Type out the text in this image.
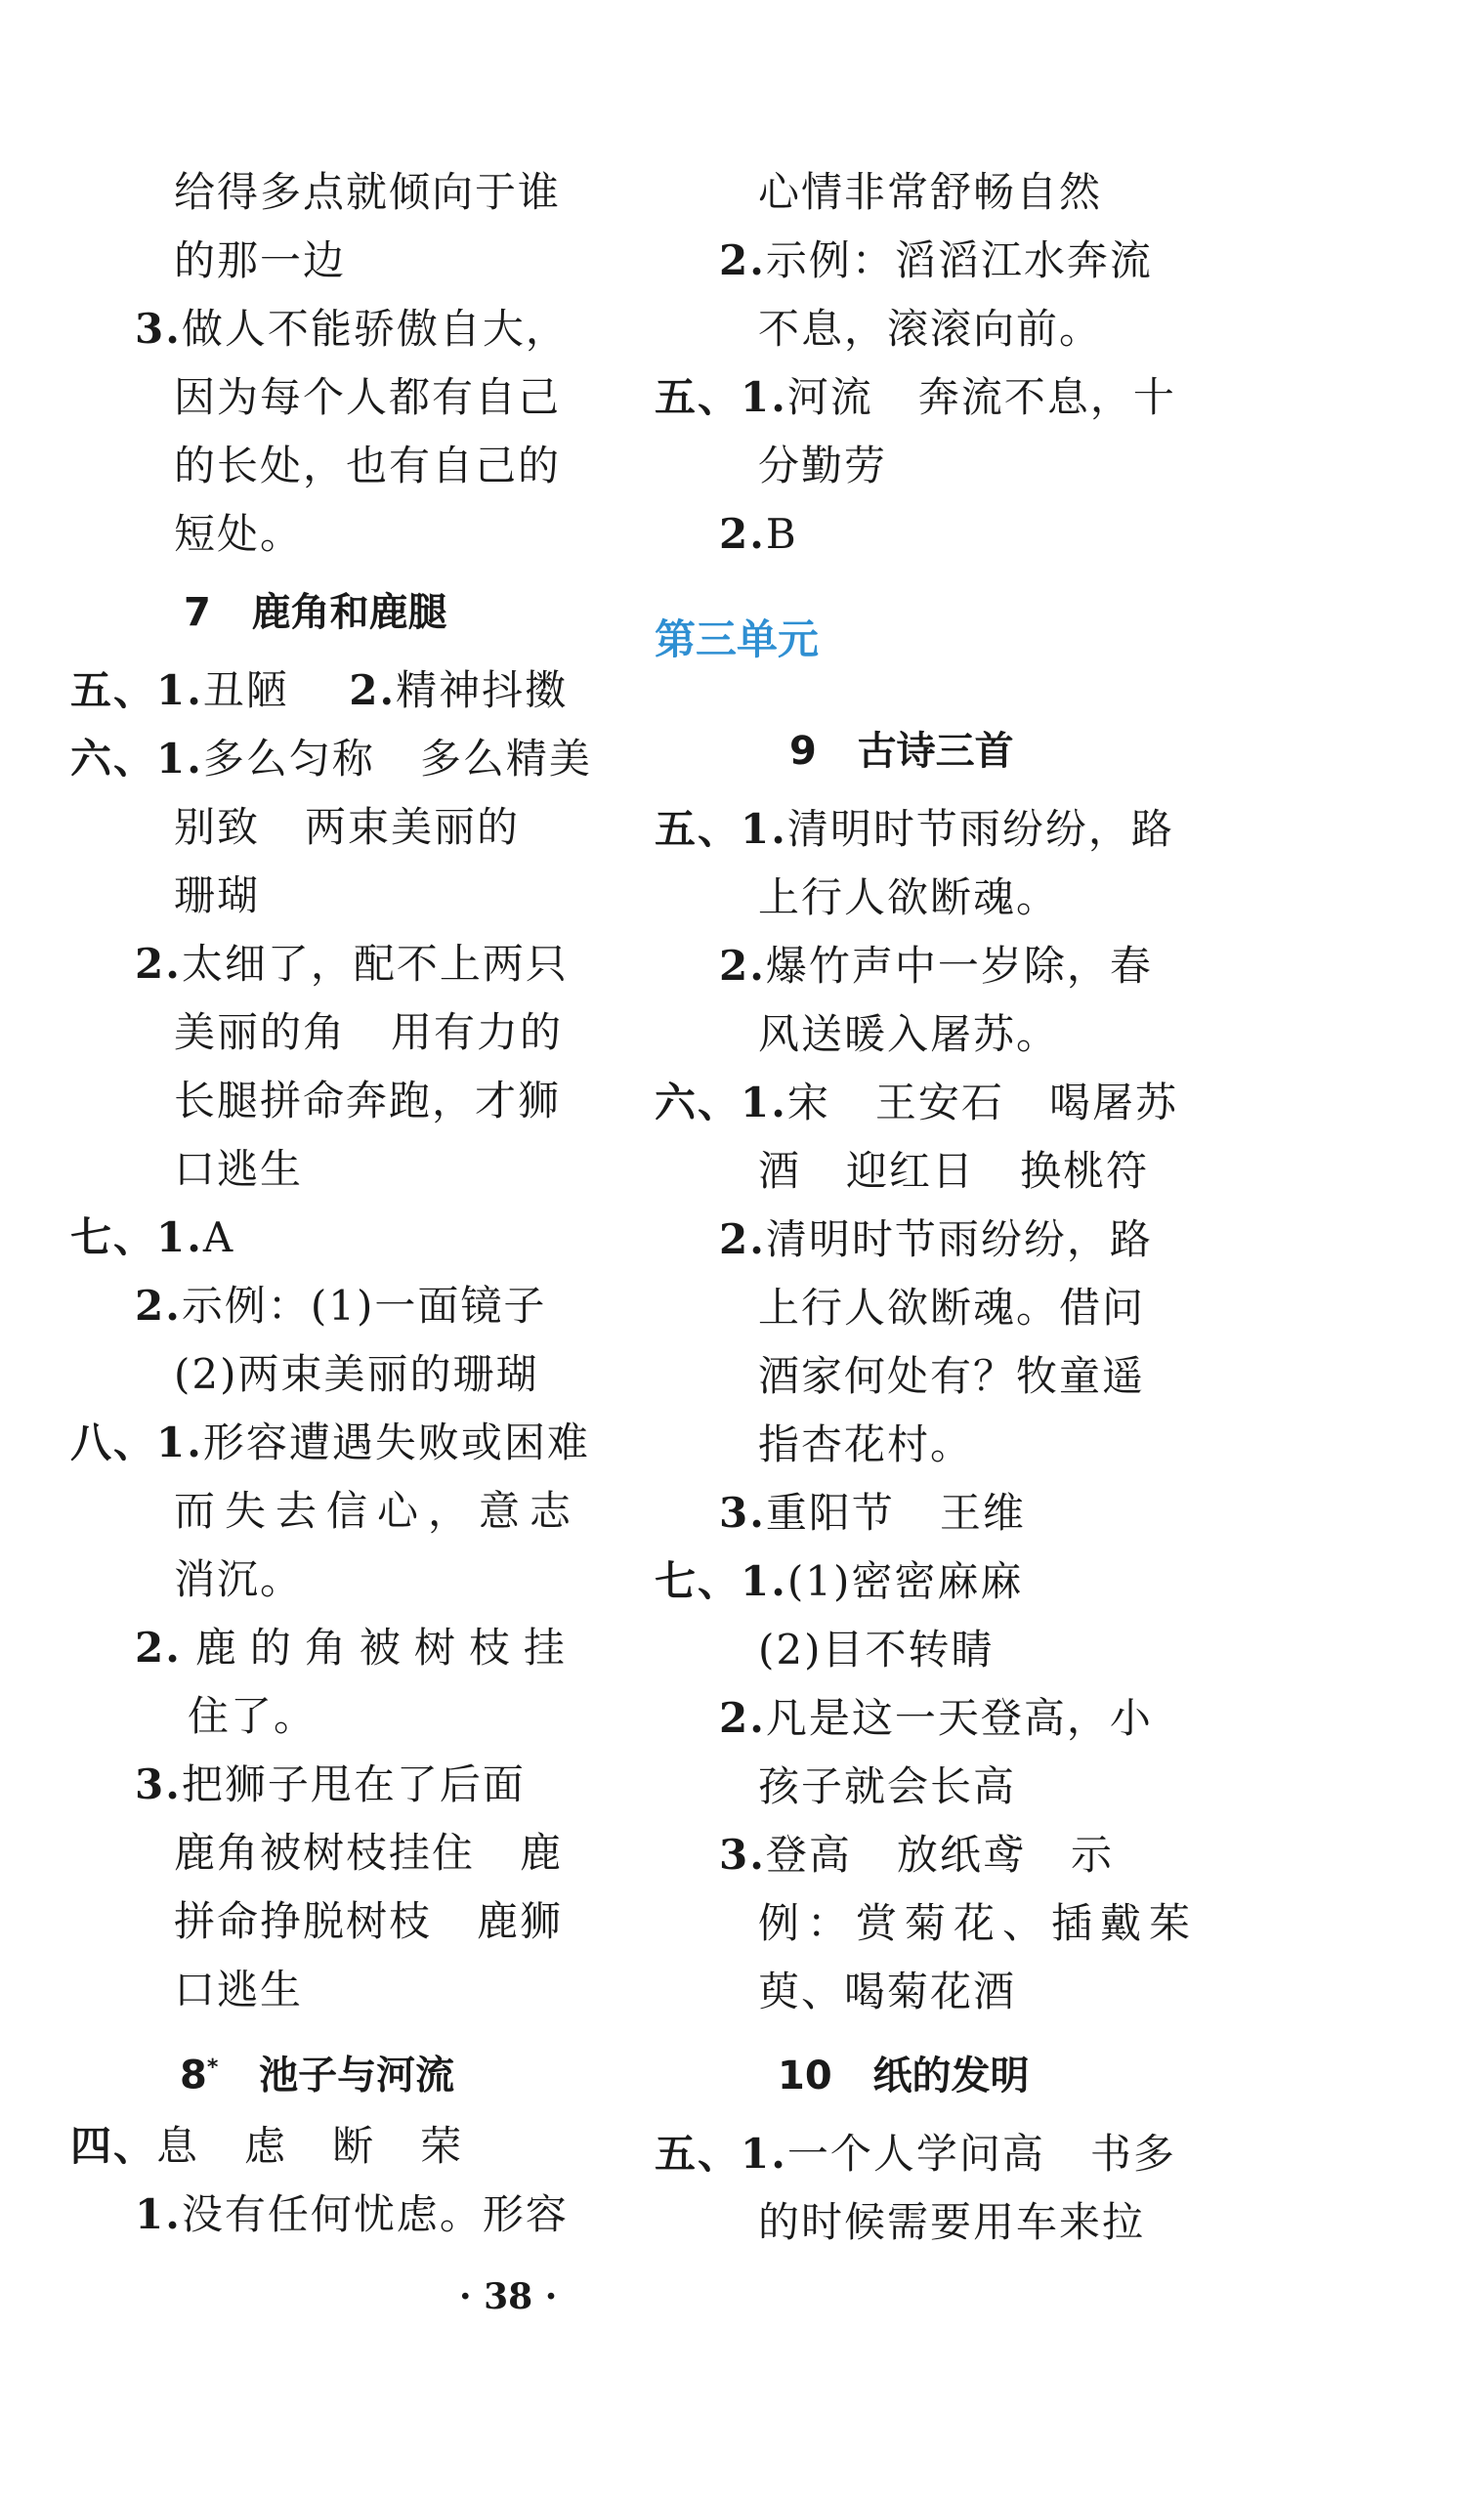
给得多点就倾向于谁
的那一边
3.做人不能骄傲自大，
因为每个人都有自己
的长处，也有自己的
短处。
7   鹿角和鹿腿
五、1.丑陋 2.精神抖擞
六、1.多么匀称   多么精美
别致   两束美丽的
珊瑚
2.太细了，配不上两只
美丽的角   用有力的
长腿拼命奔跑，才狮
口逃生
七、1.A
2.示例：(1)一面镜子
(2)两束美丽的珊瑚
八、1.形容遭遇失败或困难
而失去信心，意志
消沉。
2. 鹿的角被树枝挂
住了。
3.把狮子甩在了后面
鹿角被树枝挂住   鹿
拼命挣脱树枝   鹿狮
口逃生
8* 池子与河流
四、息   虑   断   荣
1.没有任何忧虑。形容
心情非常舒畅自然
2.示例：滔滔江水奔流
不息，滚滚向前。
五、1.河流   奔流不息，十
分勤劳
2.B
第三单元
9   古诗三首
五、1.清明时节雨纷纷，路
上行人欲断魂。
2.爆竹声中一岁除，春
风送暖入屠苏。
六、1.宋   王安石   喝屠苏
酒   迎红日   换桃符
2.清明时节雨纷纷，路
上行人欲断魂。借问
酒家何处有？牧童遥
指杏花村。
3.重阳节   王维
七、1.(1)密密麻麻
(2)目不转睛
2.凡是这一天登高，小
孩子就会长高
3.登高   放纸鸢   示
例：赏菊花、插戴茱
萸、喝菊花酒
10   纸的发明
五、1.一个人学问高   书多
的时候需要用车来拉
· 38 ·
